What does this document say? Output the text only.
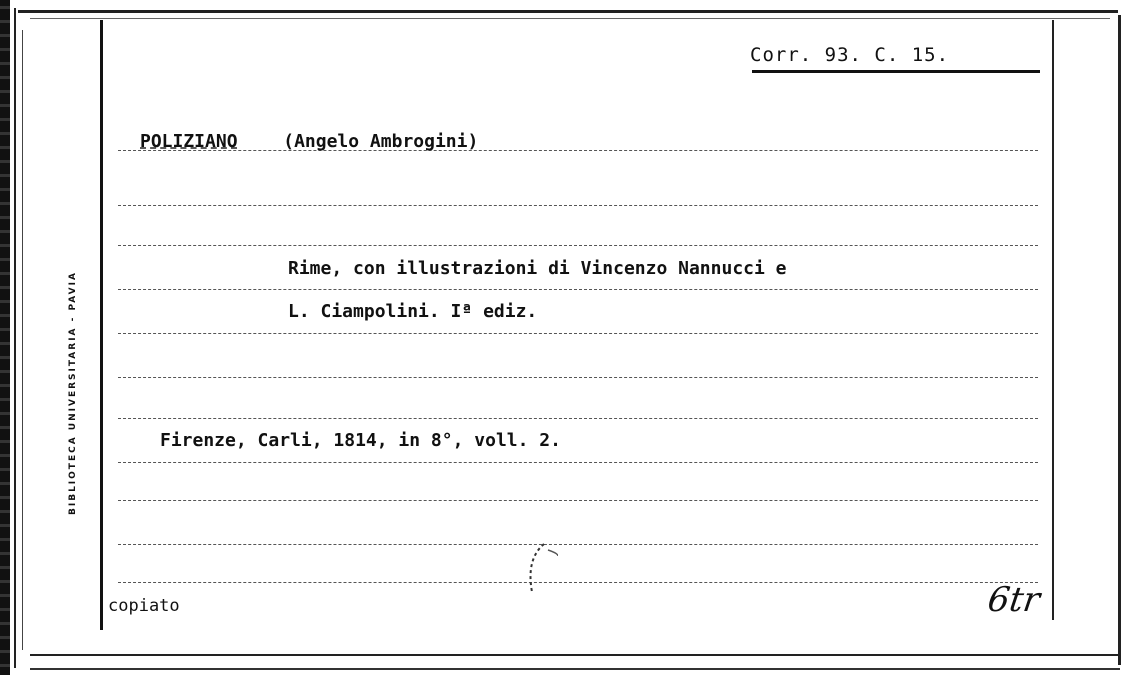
BIBLIOTECA UNIVERSITARIA - PAVIA
Corr. 93. C. 15.
POLIZIANO	(Angelo Ambrogini)
Rime, con illustrazioni di Vincenzo Nannucci e
L. Ciampolini. Iª ediz.
Firenze, Carli, 1814, in 8°, voll. 2.
copiato	6tr
